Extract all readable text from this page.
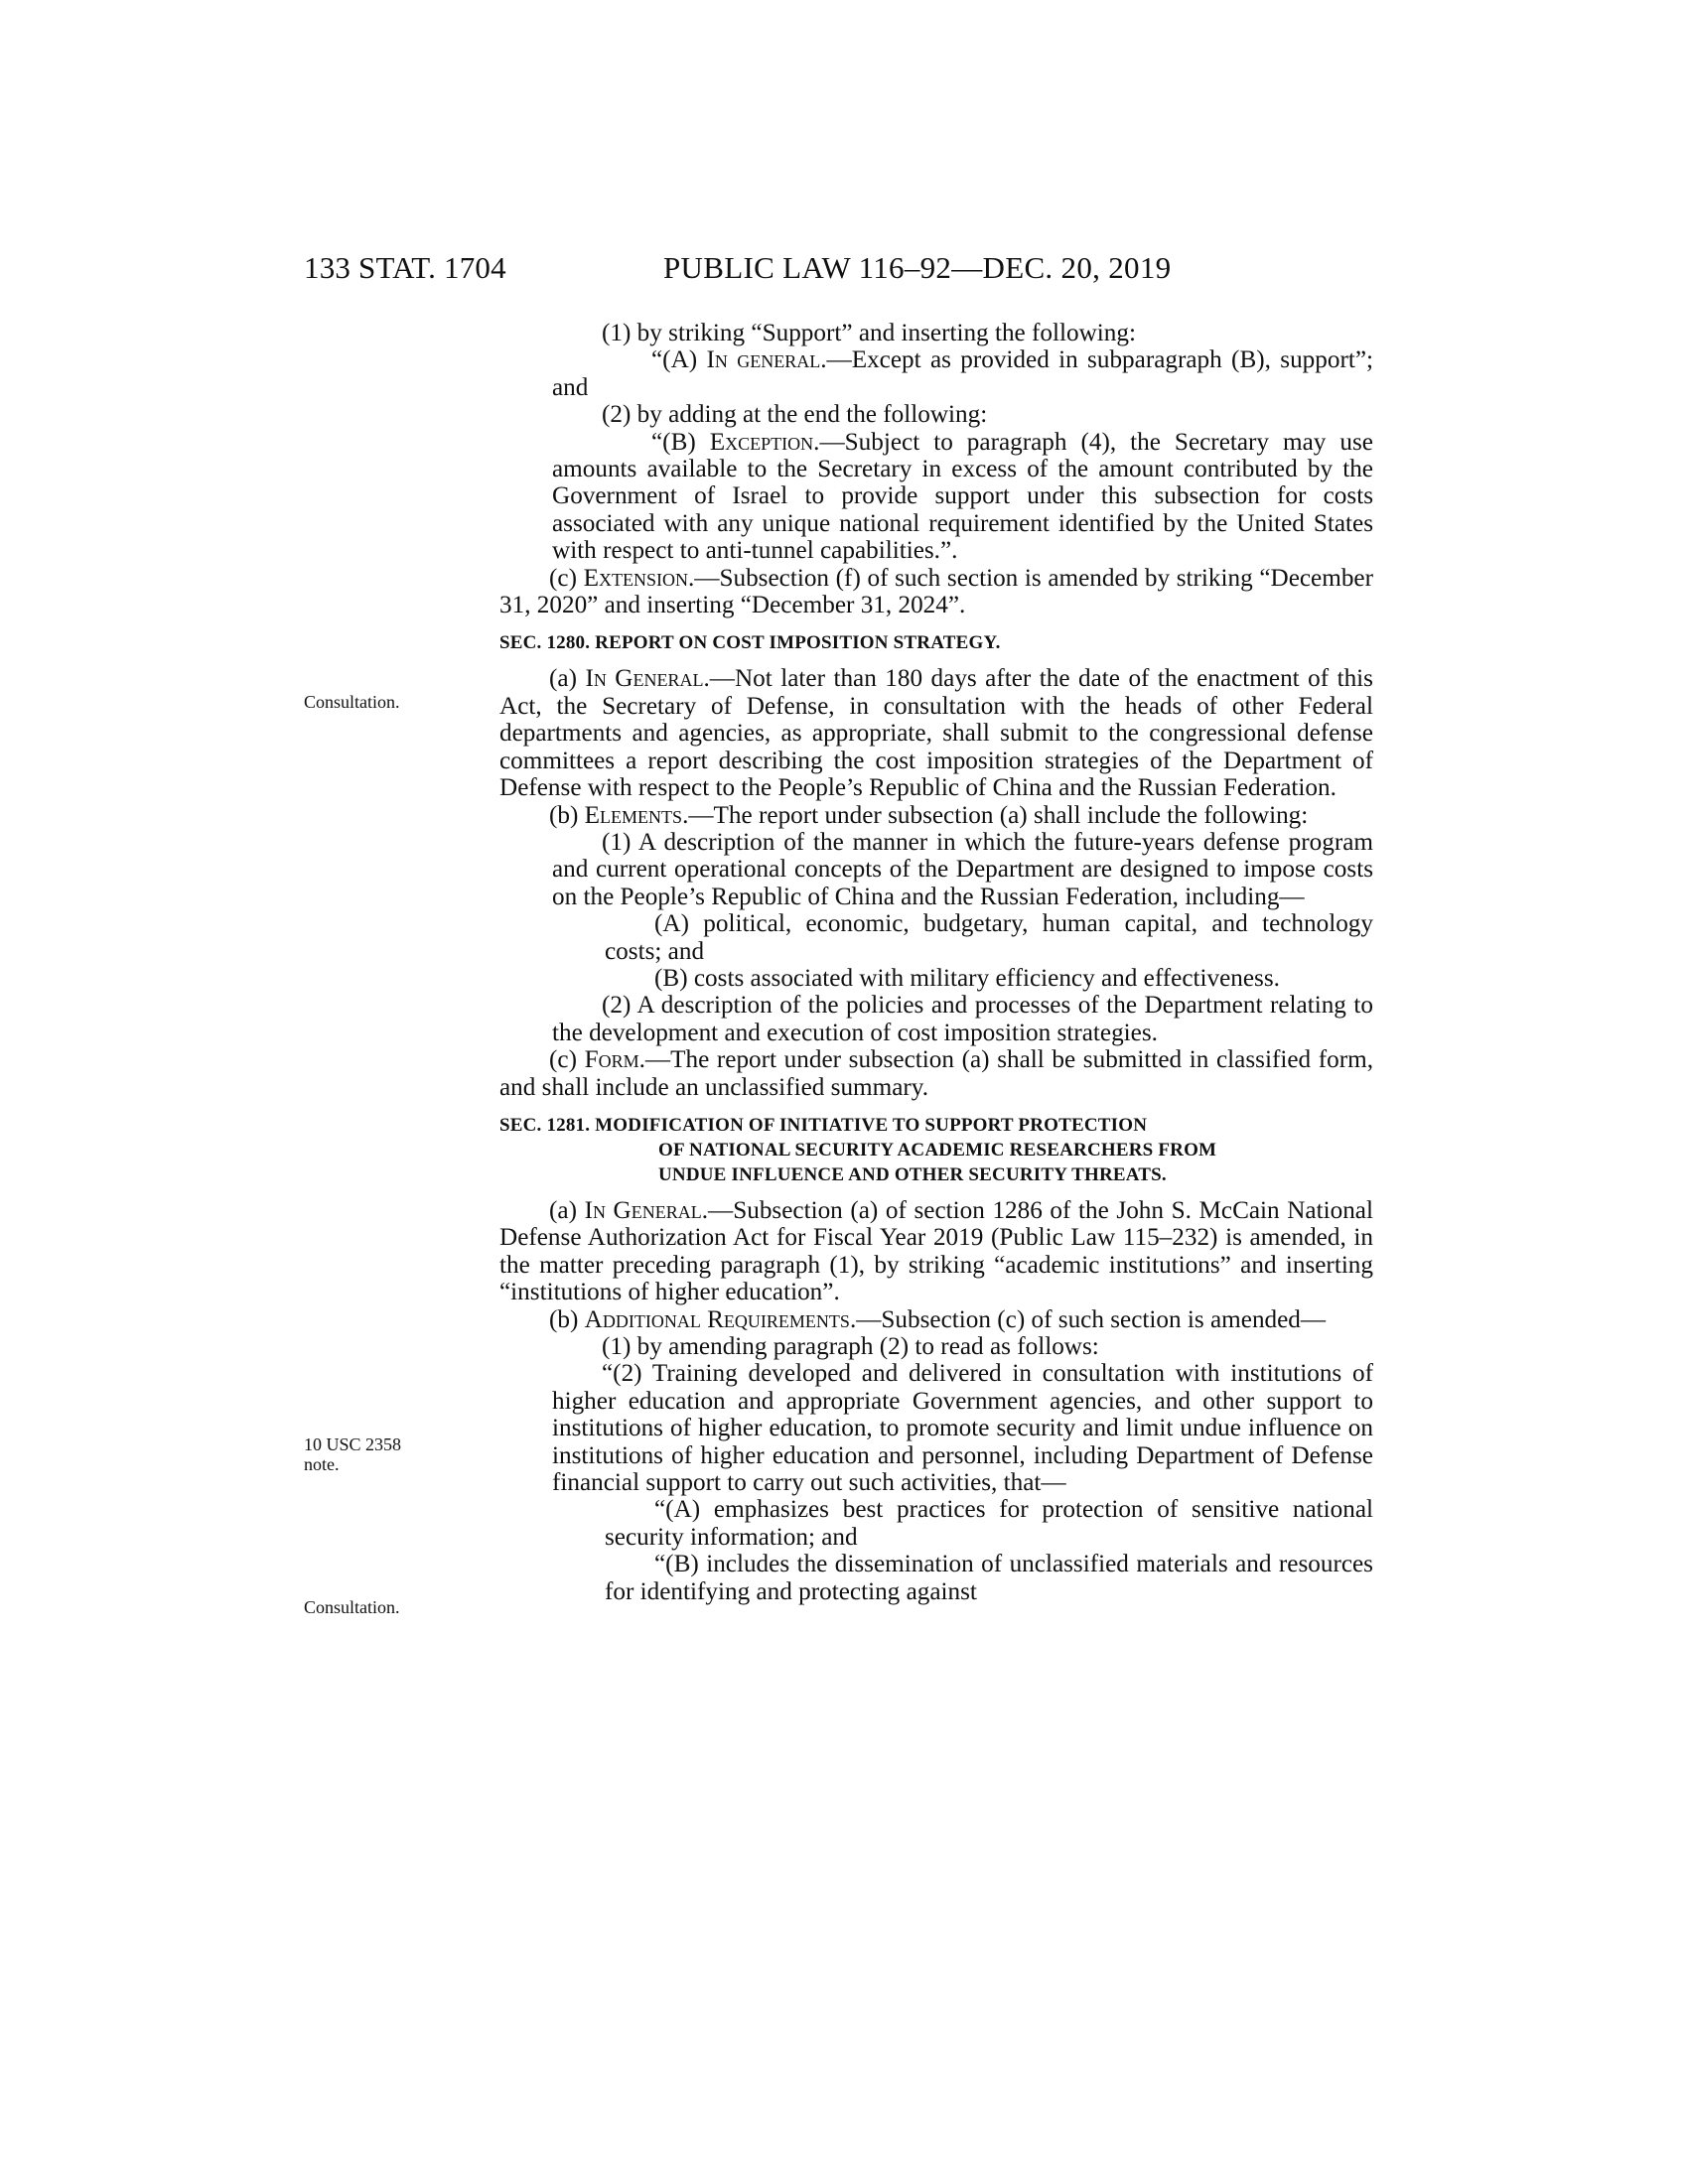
133 STAT. 1704	PUBLIC LAW 116–92—DEC. 20, 2019
Consultation.
10 USC 2358
note.
Consultation.

(1) by striking “Support” and inserting the following:

“(A) In general.—Except as provided in subparagraph (B), support”; and

(2) by adding at the end the following:

“(B) Exception.—Subject to paragraph (4), the Secretary may use amounts available to the Secretary in excess of the amount contributed by the Government of Israel to provide support under this subsection for costs associated with any unique national requirement identified by the United States with respect to anti-tunnel capabilities.”.

(c) Extension.—Subsection (f) of such section is amended by striking “December 31, 2020” and inserting “December 31, 2024”.

SEC. 1280. REPORT ON COST IMPOSITION STRATEGY.

(a) In General.—Not later than 180 days after the date of the enactment of this Act, the Secretary of Defense, in consultation with the heads of other Federal departments and agencies, as appropriate, shall submit to the congressional defense committees a report describing the cost imposition strategies of the Department of Defense with respect to the People’s Republic of China and the Russian Federation.

(b) Elements.—The report under subsection (a) shall include the following:

(1) A description of the manner in which the future-years defense program and current operational concepts of the Department are designed to impose costs on the People’s Republic of China and the Russian Federation, including—

(A) political, economic, budgetary, human capital, and technology costs; and

(B) costs associated with military efficiency and effectiveness.

(2) A description of the policies and processes of the Department relating to the development and execution of cost imposition strategies.

(c) Form.—The report under subsection (a) shall be submitted in classified form, and shall include an unclassified summary.

SEC. 1281. MODIFICATION OF INITIATIVE TO SUPPORT PROTECTION
OF NATIONAL SECURITY ACADEMIC RESEARCHERS FROM
UNDUE INFLUENCE AND OTHER SECURITY THREATS.

(a) In General.—Subsection (a) of section 1286 of the John S. McCain National Defense Authorization Act for Fiscal Year 2019 (Public Law 115–232) is amended, in the matter preceding paragraph (1), by striking “academic institutions” and inserting “institutions of higher education”.

(b) Additional Requirements.—Subsection (c) of such section is amended—

(1) by amending paragraph (2) to read as follows:

“(2) Training developed and delivered in consultation with institutions of higher education and appropriate Government agencies, and other support to institutions of higher education, to promote security and limit undue influence on institutions of higher education and personnel, including Department of Defense financial support to carry out such activities, that—

“(A) emphasizes best practices for protection of sensitive national security information; and

“(B) includes the dissemination of unclassified materials and resources for identifying and protecting against
